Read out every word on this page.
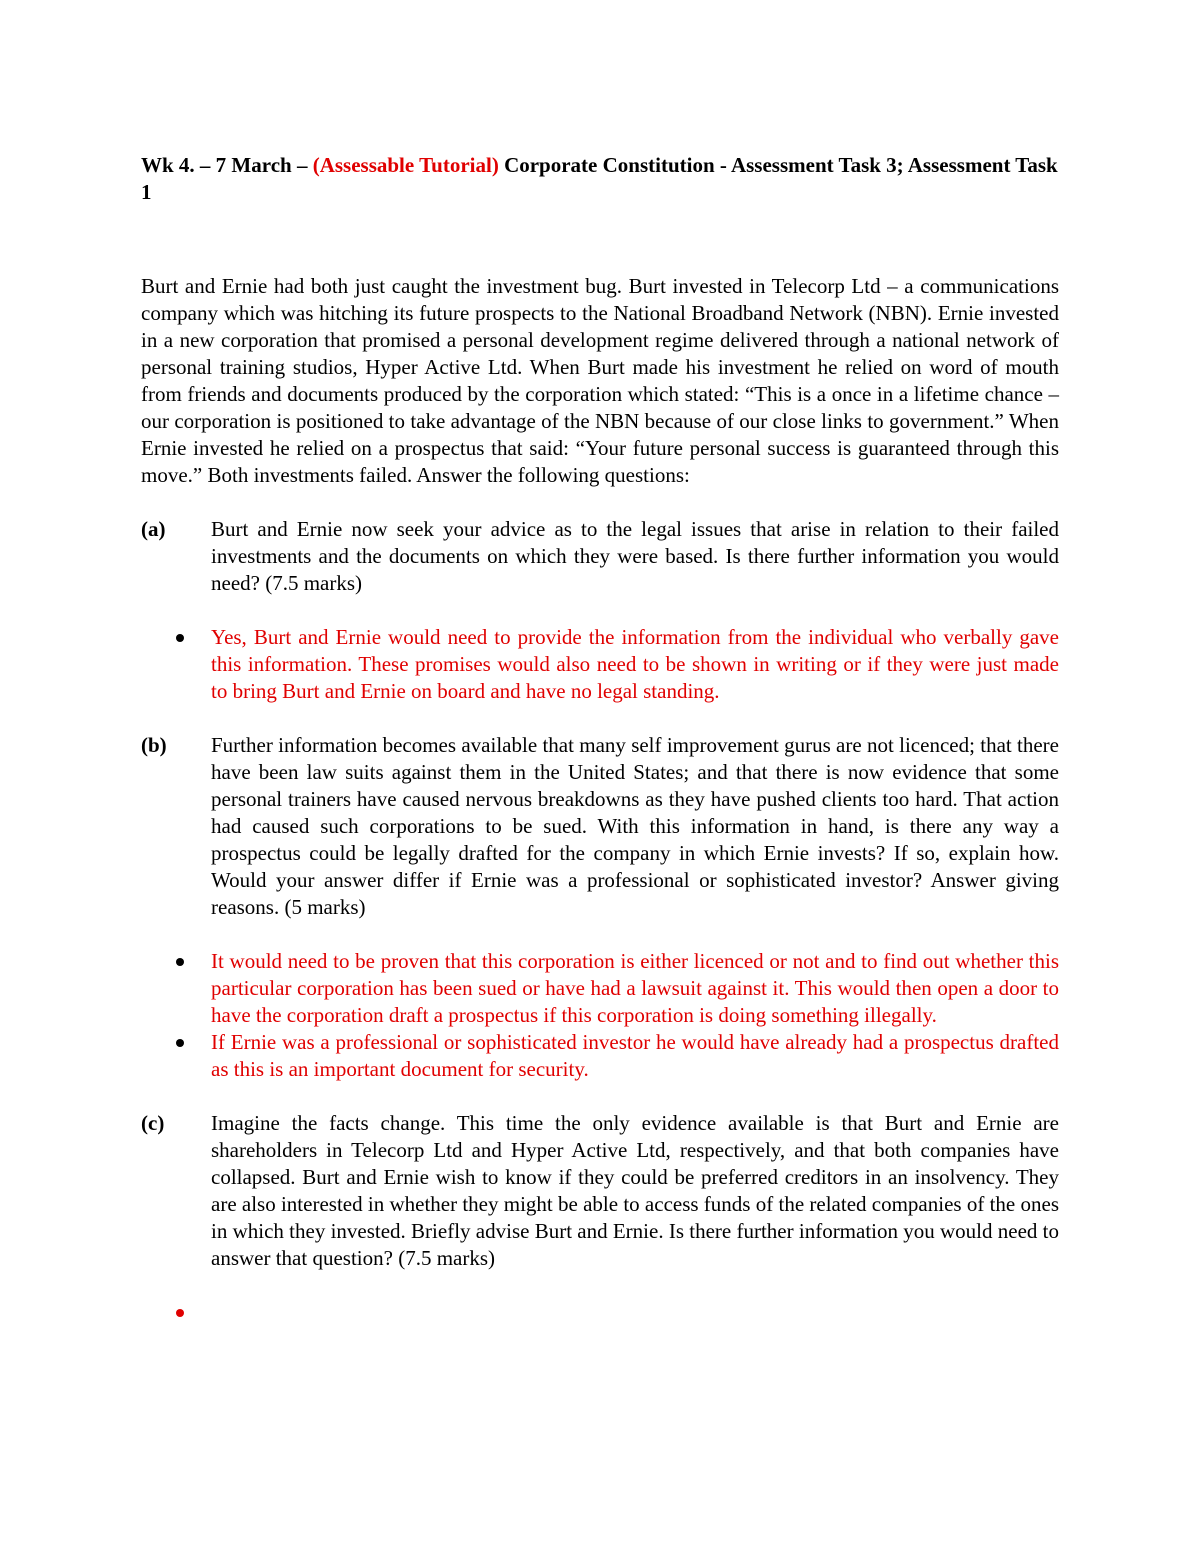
Wk 4. – 7 March – (Assessable Tutorial) Corporate Constitution - Assessment Task 3; Assessment Task 1

Burt and Ernie had both just caught the investment bug. Burt invested in Telecorp Ltd – a communications company which was hitching its future prospects to the National Broadband Network (NBN). Ernie invested in a new corporation that promised a personal development regime delivered through a national network of personal training studios, Hyper Active Ltd. When Burt made his investment he relied on word of mouth from friends and documents produced by the corporation which stated: “This is a once in a lifetime chance – our corporation is positioned to take advantage of the NBN because of our close links to government.” When Ernie invested he relied on a prospectus that said: “Your future personal success is guaranteed through this move.” Both investments failed. Answer the following questions:

(a) Burt and Ernie now seek your advice as to the legal issues that arise in relation to their failed investments and the documents on which they were based. Is there further information you would need? (7.5 marks)
Yes, Burt and Ernie would need to provide the information from the individual who verbally gave this information. These promises would also need to be shown in writing or if they were just made to bring Burt and Ernie on board and have no legal standing.
(b) Further information becomes available that many self improvement gurus are not licenced; that there have been law suits against them in the United States; and that there is now evidence that some personal trainers have caused nervous breakdowns as they have pushed clients too hard. That action had caused such corporations to be sued. With this information in hand, is there any way a prospectus could be legally drafted for the company in which Ernie invests? If so, explain how. Would your answer differ if Ernie was a professional or sophisticated investor? Answer giving reasons. (5 marks)
It would need to be proven that this corporation is either licenced or not and to find out whether this particular corporation has been sued or have had a lawsuit against it. This would then open a door to have the corporation draft a prospectus if this corporation is doing something illegally.
If Ernie was a professional or sophisticated investor he would have already had a prospectus drafted as this is an important document for security.
(c) Imagine the facts change. This time the only evidence available is that Burt and Ernie are shareholders in Telecorp Ltd and Hyper Active Ltd, respectively, and that both companies have collapsed. Burt and Ernie wish to know if they could be preferred creditors in an insolvency. They are also interested in whether they might be able to access funds of the related companies of the ones in which they invested. Briefly advise Burt and Ernie. Is there further information you would need to answer that question? (7.5 marks)
